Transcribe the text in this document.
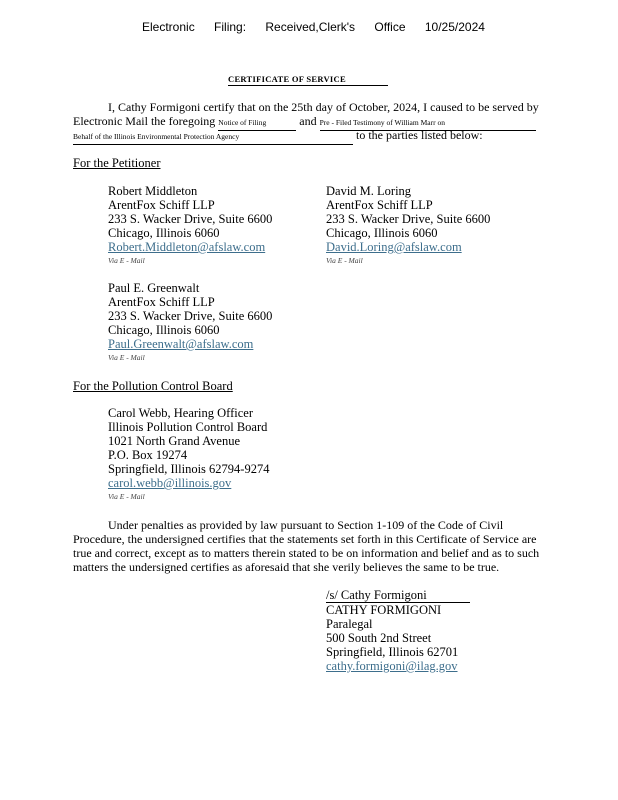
Electronic Filing: Received,Clerk's Office 10/25/2024
CERTIFICATE OF SERVICE
I, Cathy Formigoni certify that on the 25th day of October, 2024, I caused to be served by
Electronic Mail the foregoing Notice of Filing	and Pre - Filed Testimony of William Marr on
Behalf of the Illinois Environmental Protection Agency	to the parties listed below:
For the Petitioner
Robert Middleton
ArentFox Schiff LLP
233 S. Wacker Drive, Suite 6600
Chicago, Illinois 6060
Robert.Middleton@afslaw.com
Via E - Mail
David M. Loring
ArentFox Schiff LLP
233 S. Wacker Drive, Suite 6600
Chicago, Illinois 6060
David.Loring@afslaw.com
Via E - Mail
Paul E. Greenwalt
ArentFox Schiff LLP
233 S. Wacker Drive, Suite 6600
Chicago, Illinois 6060
Paul.Greenwalt@afslaw.com
Via E - Mail
For the Pollution Control Board
Carol Webb, Hearing Officer
Illinois Pollution Control Board
1021 North Grand Avenue
P.O. Box 19274
Springfield, Illinois 62794-9274
carol.webb@illinois.gov
Via E - Mail
Under penalties as provided by law pursuant to Section 1-109 of the Code of Civil
Procedure, the undersigned certifies that the statements set forth in this Certificate of Service are
true and correct, except as to matters therein stated to be on information and belief and as to such
matters the undersigned certifies as aforesaid that she verily believes the same to be true.
/s/ Cathy Formigoni
CATHY FORMIGONI
Paralegal
500 South 2nd Street
Springfield, Illinois 62701
cathy.formigoni@ilag.gov
